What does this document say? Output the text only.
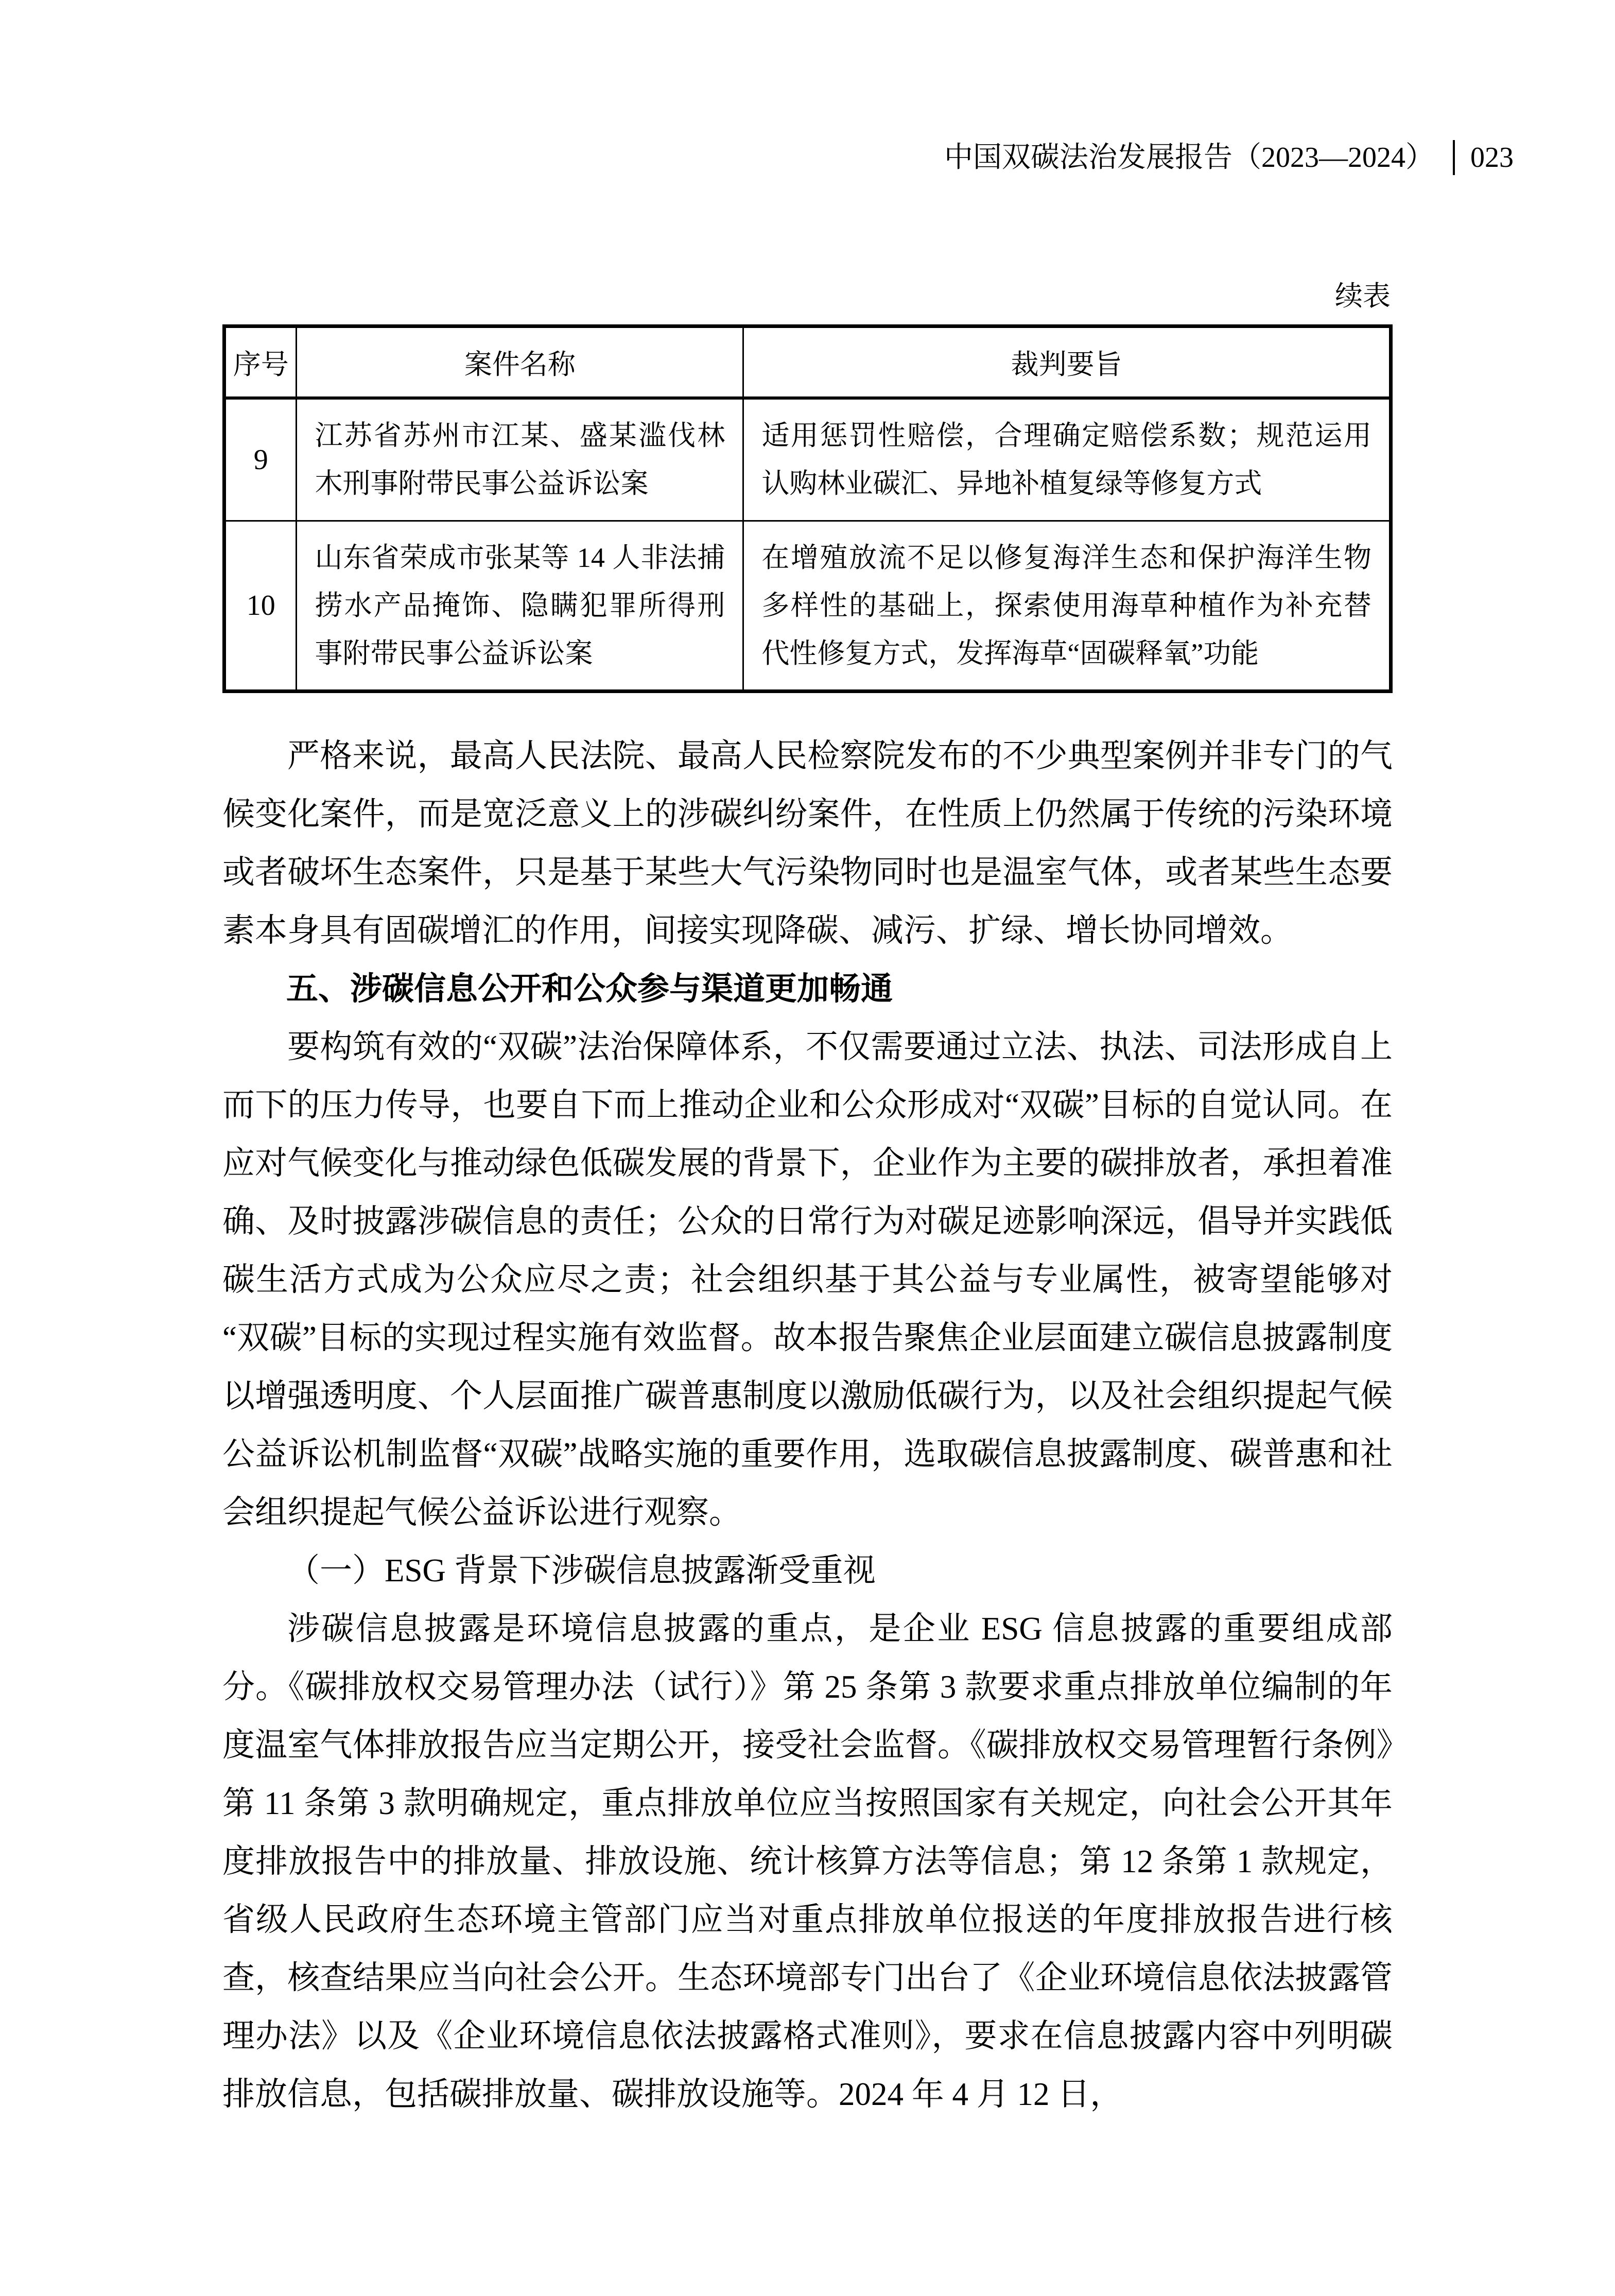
中国双碳法治发展报告（2023—2024） 023
续表
序号	案件名称	裁判要旨
9	江苏省苏州市江某、盛某滥伐林木刑事附带民事公益诉讼案	适用惩罚性赔偿，合理确定赔偿系数；规范运用认购林业碳汇、异地补植复绿等修复方式
10	山东省荣成市张某等 14 人非法捕捞水产品掩饰、隐瞒犯罪所得刑事附带民事公益诉讼案	在增殖放流不足以修复海洋生态和保护海洋生物多样性的基础上，探索使用海草种植作为补充替代性修复方式，发挥海草“固碳释氧”功能

严格来说，最高人民法院、最高人民检察院发布的不少典型案例并非专门的气候变化案件，而是宽泛意义上的涉碳纠纷案件，在性质上仍然属于传统的污染环境或者破坏生态案件，只是基于某些大气污染物同时也是温室气体，或者某些生态要素本身具有固碳增汇的作用，间接实现降碳、减污、扩绿、增长协同增效。

五、涉碳信息公开和公众参与渠道更加畅通

要构筑有效的“双碳”法治保障体系，不仅需要通过立法、执法、司法形成自上而下的压力传导，也要自下而上推动企业和公众形成对“双碳”目标的自觉认同。在应对气候变化与推动绿色低碳发展的背景下，企业作为主要的碳排放者，承担着准确、及时披露涉碳信息的责任；公众的日常行为对碳足迹影响深远，倡导并实践低碳生活方式成为公众应尽之责；社会组织基于其公益与专业属性，被寄望能够对“双碳”目标的实现过程实施有效监督。故本报告聚焦企业层面建立碳信息披露制度以增强透明度、个人层面推广碳普惠制度以激励低碳行为，以及社会组织提起气候公益诉讼机制监督“双碳”战略实施的重要作用，选取碳信息披露制度、碳普惠和社会组织提起气候公益诉讼进行观察。

（一）ESG 背景下涉碳信息披露渐受重视

涉碳信息披露是环境信息披露的重点，是企业 ESG 信息披露的重要组成部分。《碳排放权交易管理办法（试行）》第 25 条第 3 款要求重点排放单位编制的年度温室气体排放报告应当定期公开，接受社会监督。《碳排放权交易管理暂行条例》第 11 条第 3 款明确规定，重点排放单位应当按照国家有关规定，向社会公开其年度排放报告中的排放量、排放设施、统计核算方法等信息；第 12 条第 1 款规定，省级人民政府生态环境主管部门应当对重点排放单位报送的年度排放报告进行核查，核查结果应当向社会公开。生态环境部专门出台了《企业环境信息依法披露管理办法》以及《企业环境信息依法披露格式准则》，要求在信息披露内容中列明碳排放信息，包括碳排放量、碳排放设施等。2024 年 4 月 12 日，
